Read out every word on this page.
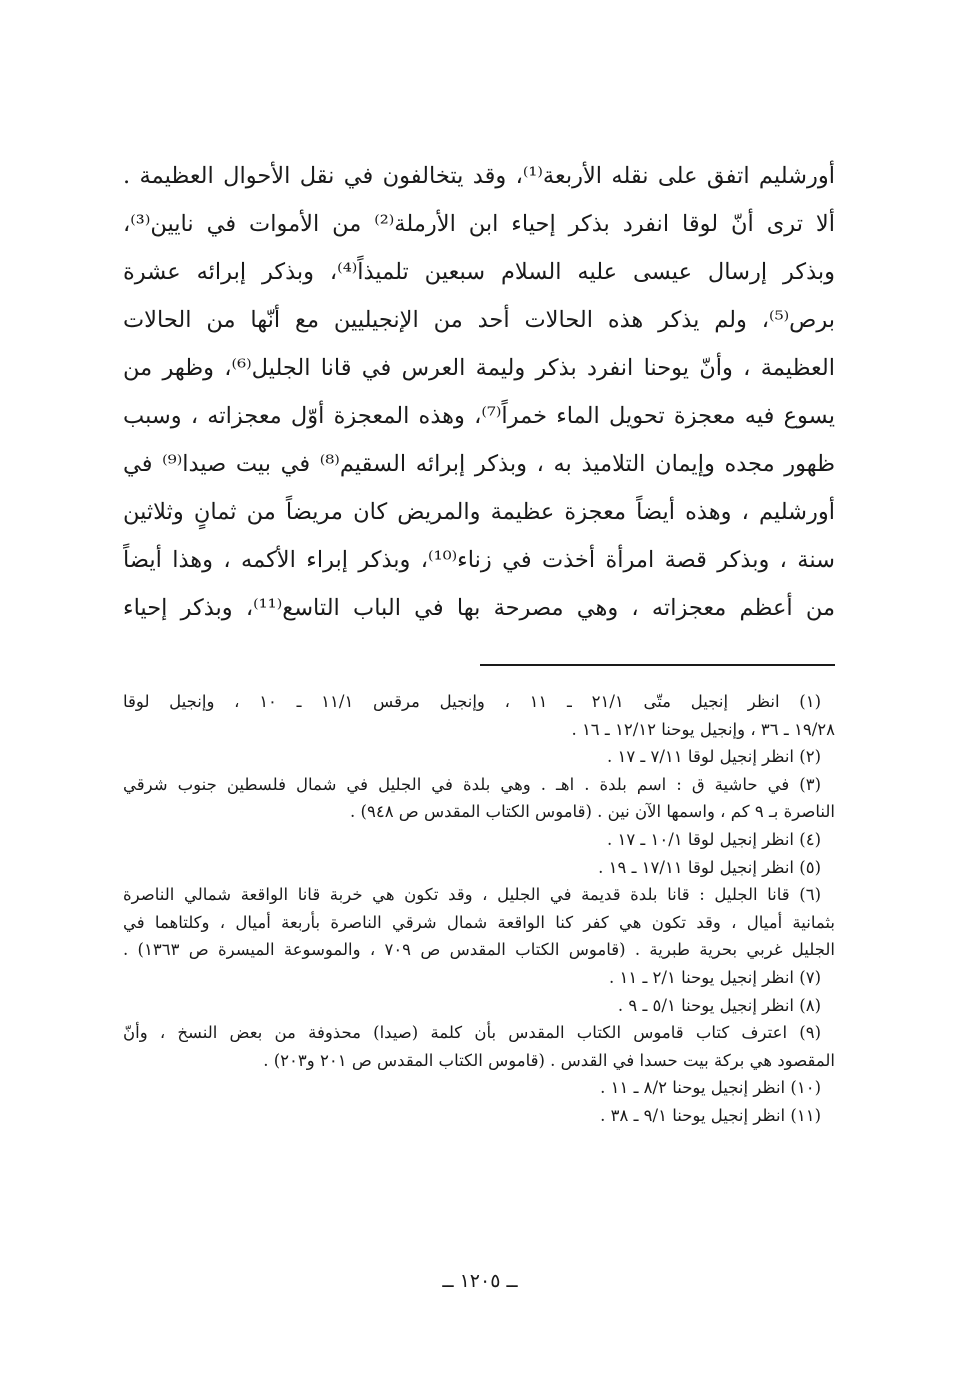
أورشليم اتفق على نقله الأربعة⁽¹⁾، وقد يتخالفون في نقل الأحوال العظيمة .
ألا ترى أنّ لوقا انفرد بذكر إحياء ابن الأرملة⁽²⁾ من الأموات في نايين⁽³⁾،
وبذكر إرسال عيسى عليه السلام سبعين تلميذاً⁽⁴⁾، وبذكر إبرائه عشرة
برص⁽⁵⁾، ولم يذكر هذه الحالات أحد من الإنجيليين مع أنّها من الحالات
العظيمة ، وأنّ يوحنا انفرد بذكر وليمة العرس في قانا الجليل⁽⁶⁾، وظهر من
يسوع فيه معجزة تحويل الماء خمراً⁽⁷⁾، وهذه المعجزة أوّل معجزاته ، وسبب
ظهور مجده وإيمان التلاميذ به ، وبذكر إبرائه السقيم⁽⁸⁾ في بيت صيدا⁽⁹⁾ في
أورشليم ، وهذه أيضاً معجزة عظيمة والمريض كان مريضاً من ثمانٍ وثلاثين
سنة ، وبذكر قصة امرأة أخذت في زناء⁽¹⁰⁾، وبذكر إبراء الأكمه ، وهذا أيضاً
من أعظم معجزاته ، وهي مصرحة بها في الباب التاسع⁽¹¹⁾، وبذكر إحياء
(١) انظر إنجيل متّى ٢١/١ ـ ١١ ، وإنجيل مرقس ١١/١ ـ ١٠ ، وإنجيل لوقا
١٩/٢٨ ـ ٣٦ ، وإنجيل يوحنا ١٢/١٢ ـ ١٦ .
(٢) انظر إنجيل لوقا ٧/١١ ـ ١٧ .
(٣) في حاشية ق : اسم بلدة . اهـ . وهي بلدة في الجليل في شمال فلسطين جنوب شرقي
الناصرة بـ ٩ كم ، واسمها الآن نين . (قاموس الكتاب المقدس ص ٩٤٨) .
(٤) انظر إنجيل لوقا ١٠/١ ـ ١٧ .
(٥) انظر إنجيل لوقا ١٧/١١ ـ ١٩ .
(٦) قانا الجليل : قانا بلدة قديمة في الجليل ، وقد تكون هي خربة قانا الواقعة شمالي الناصرة
بثمانية أميال ، وقد تكون هي كفر كنا الواقعة شمال شرقي الناصرة بأربعة أميال ، وكلتاهما في
الجليل غربي بحرية طبرية . (قاموس الكتاب المقدس ص ٧٠٩ ، والموسوعة الميسرة ص ١٣٦٣) .
(٧) انظر إنجيل يوحنا ٢/١ ـ ١١ .
(٨) انظر إنجيل يوحنا ٥/١ ـ ٩ .
(٩) اعترف كتاب قاموس الكتاب المقدس بأن كلمة (صيدا) محذوفة من بعض النسخ ، وأنّ
المقصود هي بركة بيت حسدا في القدس . (قاموس الكتاب المقدس ص ٢٠١ و٢٠٣) .
(١٠) انظر إنجيل يوحنا ٨/٢ ـ ١١ .
(١١) انظر إنجيل يوحنا ٩/١ ـ ٣٨ .
ــ ١٢٠٥ ــ
